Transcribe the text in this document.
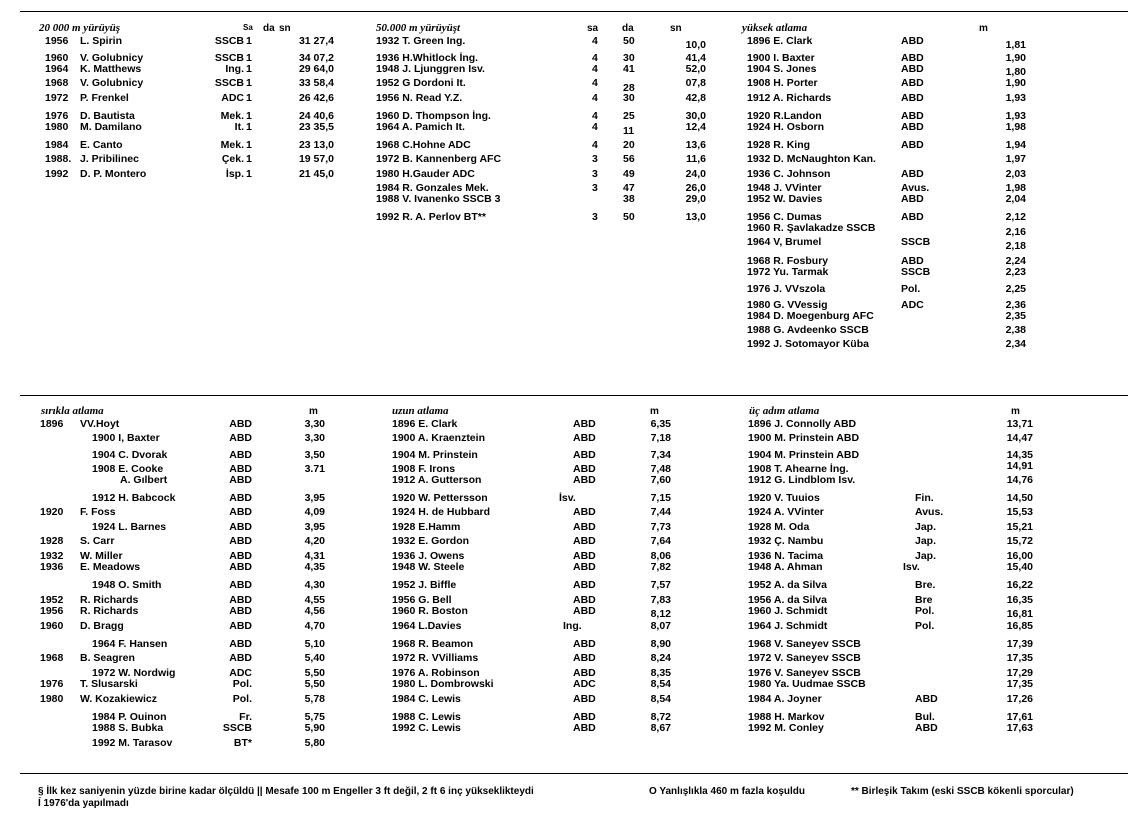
20 000 m yürüyüş	Sa da sn
1956 L. Spirin	SSCB 1	31 27,4
1960 V. Golubnicy	SSCB 1	34 07,2
1964 K. Matthews	Ing. 1	29 64,0
1968 V. Golubnicy	SSCB 1	33 58,4
1972 P. Frenkel	ADC 1	26 42,6
1976 D. Bautista	Mek. 1	24 40,6
1980 M. Damilano	It. 1	23 35,5
1984 E. Canto	Mek. 1	23 13,0
1988. J. Pribilinec	Çek. 1	19 57,0
1992 D. P. Montero	İsp. 1	21 45,0
50.000 m yürüyüşt	sa da	sn
1932 T. Green Ing.	4 50	10,0
1936 H.Whitlock İng.	4 30	41,4
1948 J. Ljunggren Isv.	4 41	52,0
1952 G Dordoni It.	4 28	07,8
1956 N. Read Y.Z.	4 30	42,8
1960 D. Thompson İng.	4 25	30,0
1964 A. Pamich It.	4 11	12,4
1968 C.Hohne ADC	4 20	13,6
1972 B. Kannenberg AFC	3 56	11,6
1980 H.Gauder ADC	3 49	24,0
1984 R. Gonzales Mek.	3 47	26,0
1988 V. Ivanenko SSCB 3	38	29,0
1992 R. A. Perlov BT**	3 50	13,0
yüksek atlama	m
1896 E. Clark	ABD	1,81
1900 I. Baxter	ABD	1,90
1904 S. Jones	ABD	1,80
1908 H. Porter	ABD	1,90
1912 A. Richards	ABD	1,93
1920 R.Landon	ABD	1,93
1924 H. Osborn	ABD	1,98
1928 R. King	ABD	1,94
1932 D. McNaughton Kan.	1,97
1936 C. Johnson	ABD	2,03
1948 J. VVinter	Avus.	1,98
1952 W. Davies	ABD	2,04
1956 C. Dumas	ABD	2,12
1960 R. Şavlakadze SSCB	2,16
1964 V, Brumel	SSCB	2,18
1968 R. Fosbury	ABD	2,24
1972 Yu. Tarmak	SSCB	2,23
1976 J. VVszola	Pol.	2,25
1980 G. VVessig	ADC	2,36
1984 D. Moegenburg AFC	2,35
1988 G. Avdeenko SSCB	2,38
1992 J. Sotomayor Küba	2,34
sırıkla atlama	m
1896 VV.Hoyt	ABD	3,30
1900 I, Baxter	ABD	3,30
1904 C. Dvorak	ABD	3,50
1908 E. Cooke	ABD	3.71
A. Gılbert	ABD
1912 H. Babcock	ABD	3,95
1920 F. Foss	ABD	4,09
1924 L. Barnes	ABD	3,95
1928 S. Carr	ABD	4,20
1932 W. Miller	ABD	4,31
1936 E. Meadows	ABD	4,35
1948 O. Smith	ABD	4,30
1952 R. Richards	ABD	4,55
1956 R. Richards	ABD	4,56
1960 D. Bragg	ABD	4,70
1964 F. Hansen	ABD	5,10
1968 B. Seagren	ABD	5,40
1972 W. Nordwig	ADC	5,50
1976 T. Slusarski	Pol.	5,50
1980 W. Kozakiewicz	Pol.	5,78
1984 P. Ouinon	Fr.	5,75
1988 S. Bubka	SSCB	5,90
1992 M. Tarasov	BT*	5,80
uzun atlama	m
1896 E. Clark	ABD	6,35
1900 A. Kraenztein	ABD	7,18
1904 M. Prinstein	ABD	7,34
1908 F. Irons	ABD	7,48
1912 A. Gutterson	ABD	7,60
1920 W. Pettersson	İsv.	7,15
1924 H. de Hubbard	ABD	7,44
1928 E.Hamm	ABD	7,73
1932 E. Gordon	ABD	7,64
1936 J. Owens	ABD	8,06
1948 W. Steele	ABD	7,82
1952 J. Biffle	ABD	7,57
1956 G. Bell	ABD	7,83
1960 R. Boston	ABD	8,12
1964 L.Davies	Ing.	8,07
1968 R. Beamon	ABD	8,90
1972 R. VVilliams	ABD	8,24
1976 A. Robinson	ABD	8,35
1980 L. Dombrowski	ADC	8,54
1984 C. Lewis	ABD	8,54
1988 C. Lewis	ABD	8,72
1992 C. Lewis	ABD	8,67
üç adım atlama	m
1896 J. Connolly ABD	13,71
1900 M. Prinstein ABD	14,47
1904 M. Prinstein ABD	14,35
1908 T. Ahearne İng.	14,91
1912 G. Lindblom Isv.	14,76
1920 V. Tuuios	Fin.	14,50
1924 A. VVinter	Avus.	15,53
1928 M. Oda	Jap.	15,21
1932 Ç. Nambu	Jap.	15,72
1936 N. Tacima	Jap.	16,00
1948 A. Ahman	Isv.	15,40
1952 A. da Silva	Bre.	16,22
1956 A. da Silva	Bre	16,35
1960 J. Schmidt	Pol.	16,81
1964 J. Schmidt	Pol.	16,85
1968 V. Saneyev SSCB	17,39
1972 V. Saneyev SSCB	17,35
1976 V. Saneyev SSCB	17,29
1980 Ya. Uudmae SSCB	17,35
1984 A. Joyner	ABD	17,26
1988 H. Markov	Bul.	17,61
1992 M. Conley	ABD	17,63
§ İlk kez saniyenin yüzde birine kadar ölçüldü || Mesafe 100 m Engeller 3 ft değil, 2 ft 6 inç yükseklikteydi	O Yanlışlıkla 460 m fazla koşuldu	** Birleşik Takım (eski SSCB kökenli sporcular)
Í 1976'da yapılmadı
